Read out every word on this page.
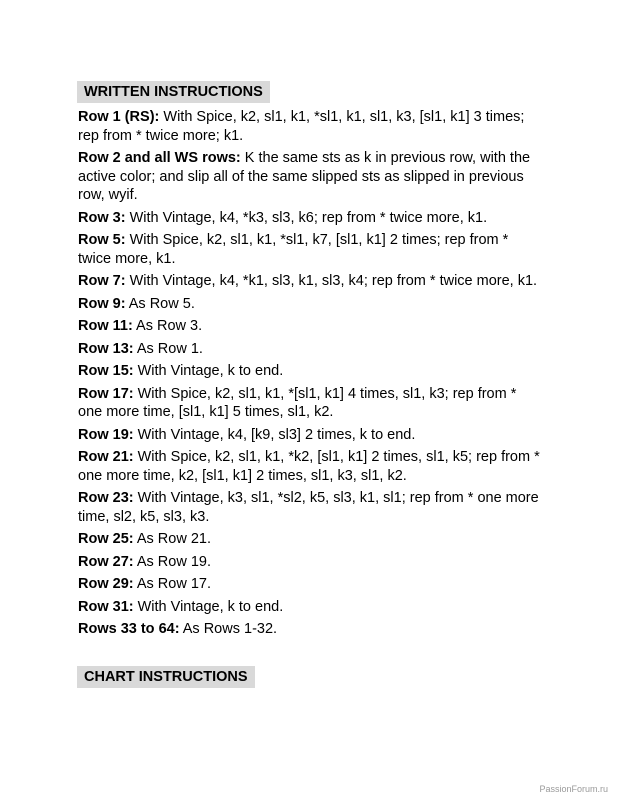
WRITTEN INSTRUCTIONS

Row 1 (RS): With Spice, k2, sl1, k1, *sl1, k1, sl1, k3, [sl1, k1] 3 times; rep from * twice more; k1.

Row 2 and all WS rows: K the same sts as k in previous row, with the active color; and slip all of the same slipped sts as slipped in previous row, wyif.

Row 3: With Vintage, k4, *k3, sl3, k6; rep from * twice more, k1.

Row 5: With Spice, k2, sl1, k1, *sl1, k7, [sl1, k1] 2 times; rep from * twice more, k1.

Row 7: With Vintage, k4, *k1, sl3, k1, sl3, k4; rep from * twice more, k1.

Row 9: As Row 5.

Row 11: As Row 3.

Row 13: As Row 1.

Row 15: With Vintage, k to end.

Row 17: With Spice, k2, sl1, k1, *[sl1, k1] 4 times, sl1, k3; rep from * one more time, [sl1, k1] 5 times, sl1, k2.

Row 19: With Vintage, k4, [k9, sl3] 2 times, k to end.

Row 21: With Spice, k2, sl1, k1, *k2, [sl1, k1] 2 times, sl1, k5; rep from * one more time, k2, [sl1, k1] 2 times, sl1, k3, sl1, k2.

Row 23: With Vintage, k3, sl1, *sl2, k5, sl3, k1, sl1; rep from * one more time, sl2, k5, sl3, k3.

Row 25: As Row 21.

Row 27: As Row 19.

Row 29: As Row 17.

Row 31: With Vintage, k to end.

Rows 33 to 64: As Rows 1-32.

CHART INSTRUCTIONS
PassionForum.ru
